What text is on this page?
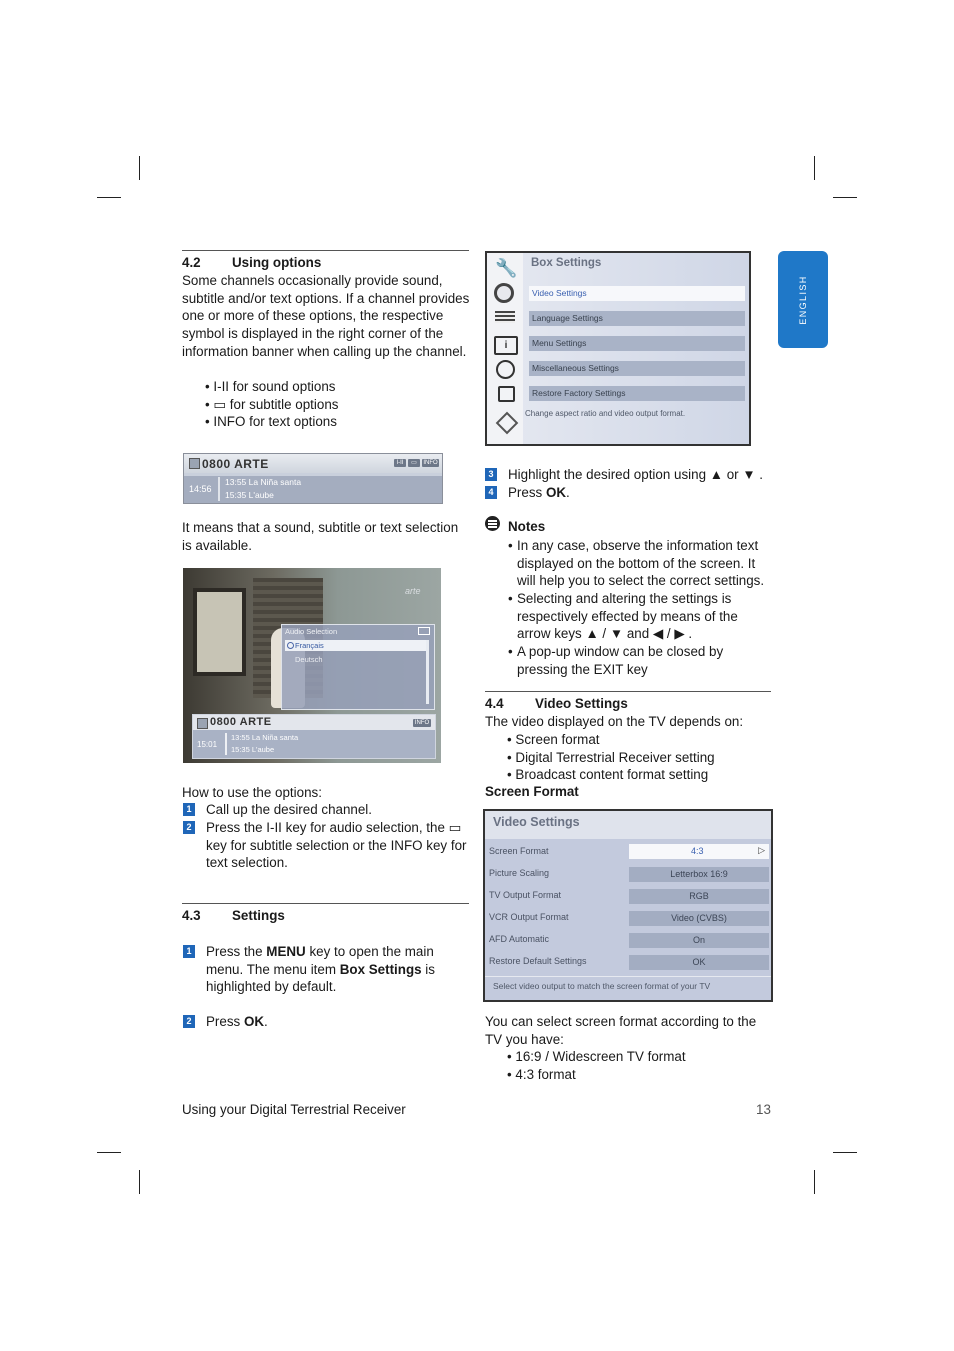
ENGLISH
4.2 Using options
Some channels occasionally provide sound, subtitle and/or text options. If a channel provides one or more of these options, the respective symbol is displayed in the right corner of the information banner when calling up the channel.
• I-II for sound options
• ▭ for subtitle options
• INFO for text options
0800 ARTE	I-II	▭	INFO
14:56
13:55 La Niña santa
15:35 L'aube
It means that a sound, subtitle or text selection is available.
arte
Audio Selection
Français
Deutsch
0800 ARTE	INFO
15:01
13:55 La Niña santa
15:35 L'aube
How to use the options:
1 Call up the desired channel.
2 Press the I-II key for audio selection, the ▭ key for subtitle selection or the INFO key for text selection.
4.3 Settings
1 Press the MENU key to open the main menu. The menu item Box Settings is highlighted by default.
2 Press OK.
🔧
i
Box Settings
Video Settings
Language Settings
Menu Settings
Miscellaneous Settings
Restore Factory Settings
Change aspect ratio and video output format.
3 Highlight the desired option using ▲ or ▼ .
4 Press OK.
Notes
• In any case, observe the information text displayed on the bottom of the screen. It will help you to select the correct settings.
• Selecting and altering the settings is respectively effected by means of the arrow keys ▲ / ▼ and ◀ / ▶ .
• A pop-up window can be closed by pressing the EXIT key
4.4 Video Settings
The video displayed on the TV depends on:
• Screen format
• Digital Terrestrial Receiver setting
• Broadcast content format setting
Screen Format
Video Settings
Screen Format	4:3	▷
Picture Scaling	Letterbox 16:9
TV Output Format	RGB
VCR Output Format	Video (CVBS)
AFD Automatic	On
Restore Default Settings	OK
Select video output to match the screen format of your TV
You can select screen format according to the TV you have:
• 16:9 / Widescreen TV format
• 4:3 format
Using your Digital Terrestrial Receiver	13
